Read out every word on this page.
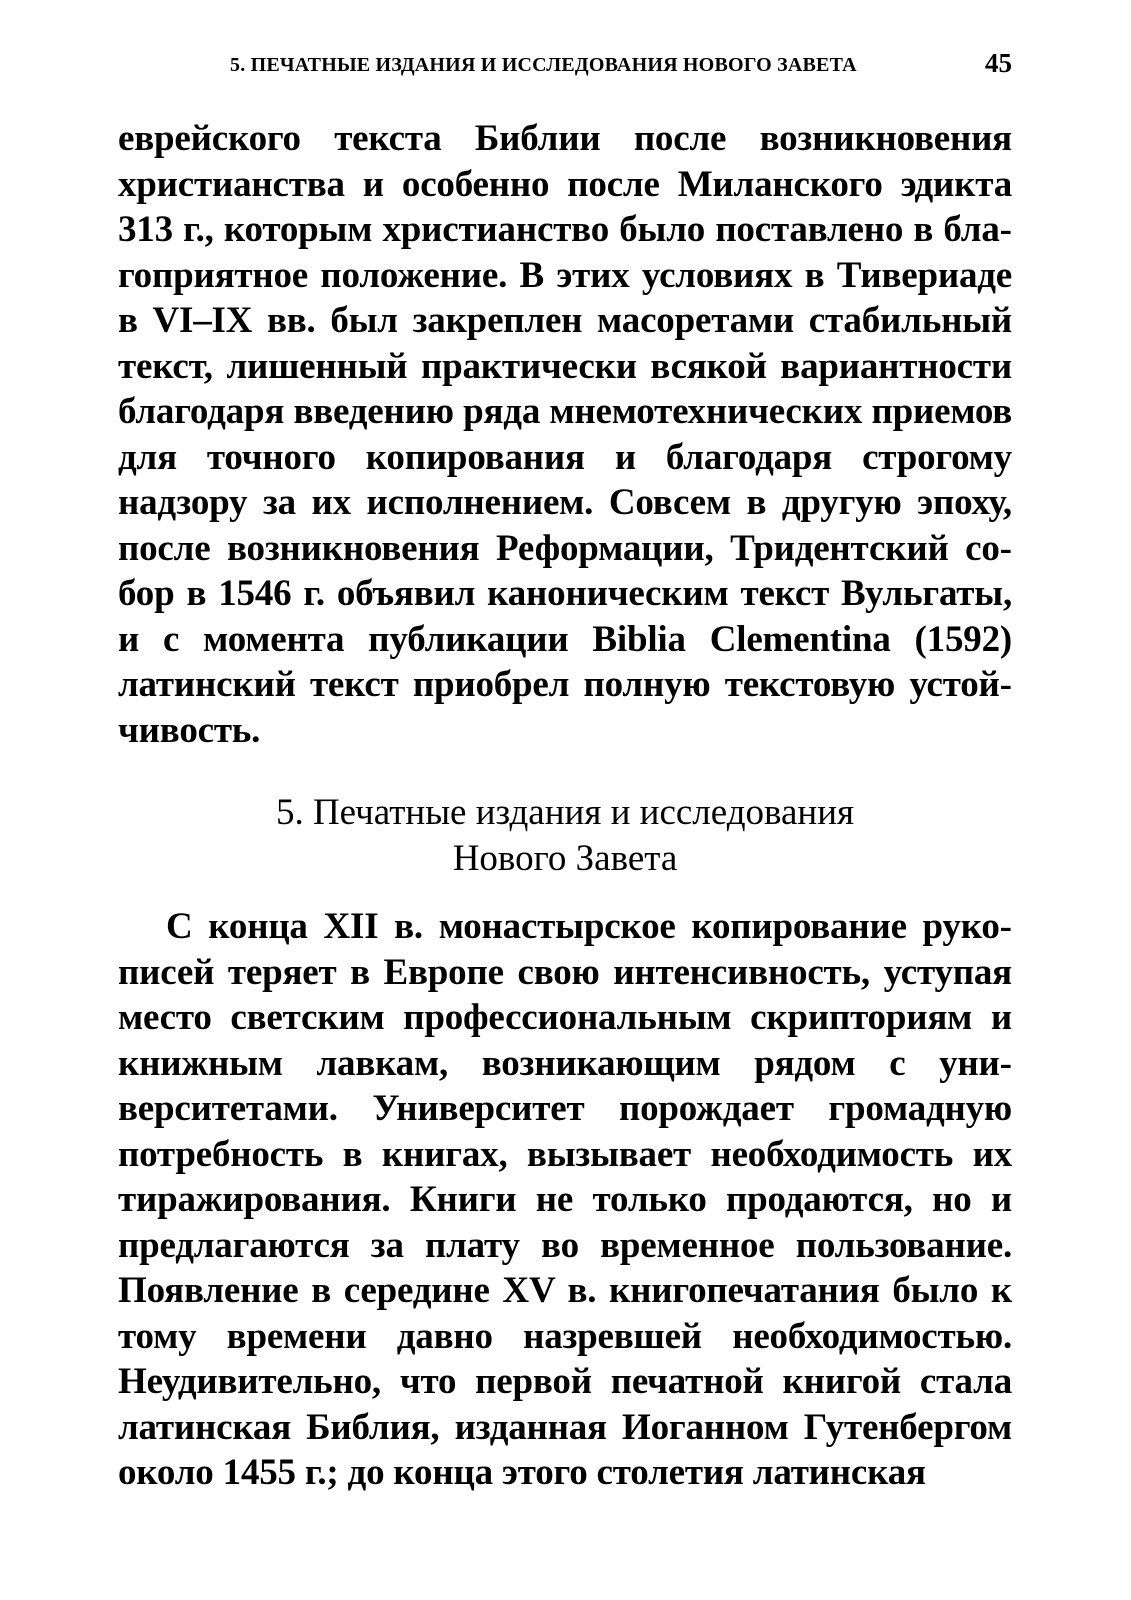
5. ПЕЧАТНЫЕ ИЗДАНИЯ И ИССЛЕДОВАНИЯ НОВОГО ЗАВЕТА	45

еврейского текста Библии после возникновения христианства и особенно после Миланского эдикта 313 г., которым христианство было поставлено в благоприятное положение. В этих условиях в Тивериаде в VI–IX вв. был закреплен масоретами стабильный текст, лишенный практически всякой вариантности благодаря введению ряда мнемотехнических приемов для точного копирования и благодаря строгому надзору за их исполнением. Совсем в другую эпоху, после возникновения Реформации, Тридентский собор в 1546 г. объявил каноническим текст Вульгаты, и с момента публикации Biblia Clementina (1592) латинский текст приобрел полную текстовую устойчивость.

5. Печатные издания и исследования
Нового Завета

С конца XII в. монастырское копирование рукописей теряет в Европе свою интенсивность, уступая место светским профессиональным скрипториям и книжным лавкам, возникающим рядом с университетами. Университет порождает громадную потребность в книгах, вызывает необходимость их тиражирования. Книги не только продаются, но и предлагаются за плату во временное пользование. Появление в середине XV в. книгопечатания было к тому времени давно назревшей необходимостью. Неудивительно, что первой печатной книгой стала латинская Библия, изданная Иоганном Гутенбергом около 1455 г.; до конца этого столетия латинская
